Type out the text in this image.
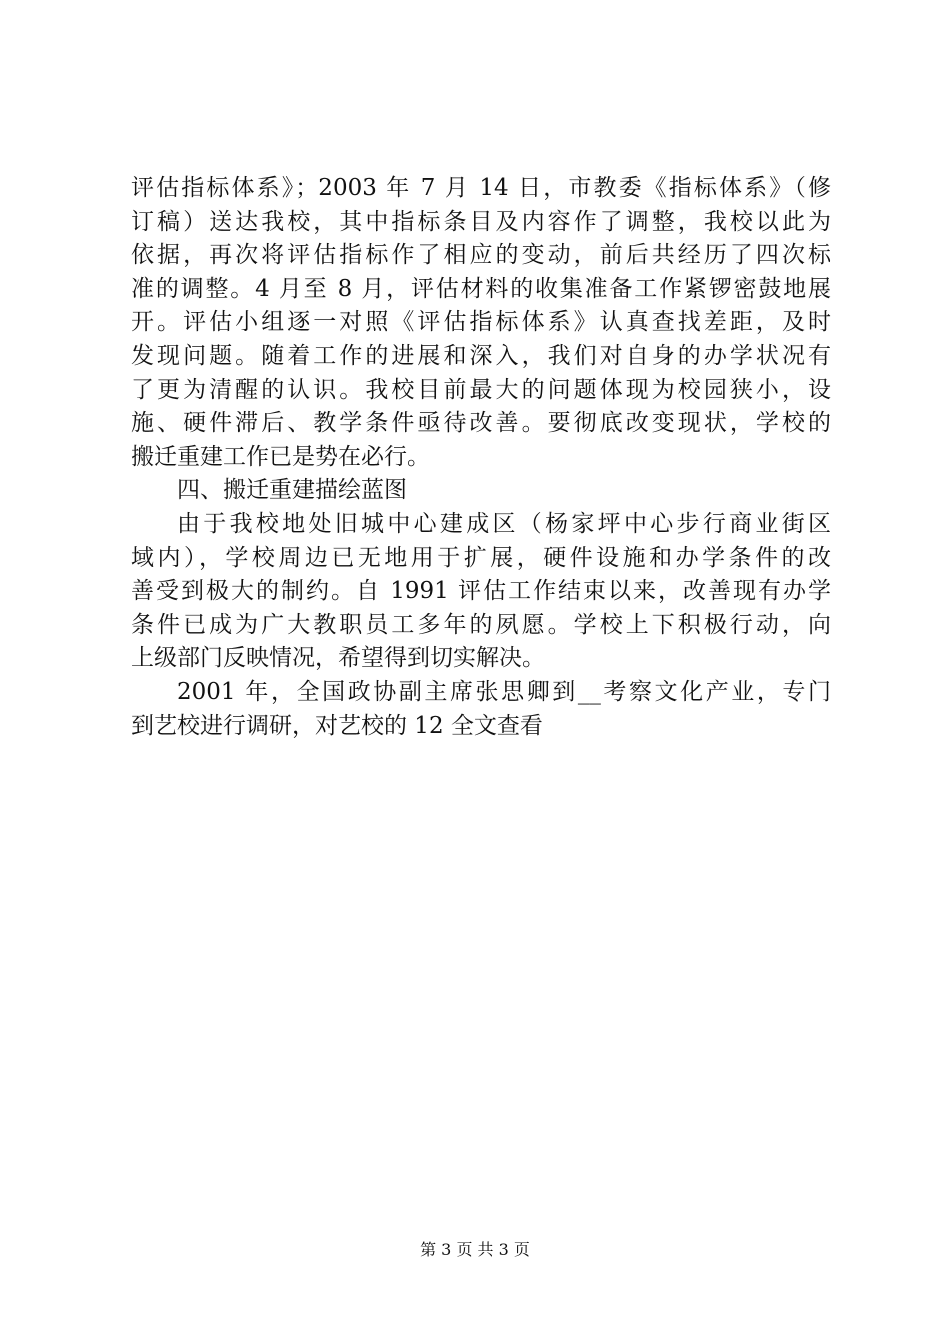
评估指标体系》；2003 年 7 月 14 日，市教委《指标体系》（修
订稿）送达我校，其中指标条目及内容作了调整，我校以此为
依据，再次将评估指标作了相应的变动，前后共经历了四次标
准的调整。4 月至 8 月，评估材料的收集准备工作紧锣密鼓地展
开。评估小组逐一对照《评估指标体系》认真查找差距，及时
发现问题。随着工作的进展和深入，我们对自身的办学状况有
了更为清醒的认识。我校目前最大的问题体现为校园狭小，设
施、硬件滞后、教学条件亟待改善。要彻底改变现状，学校的
搬迁重建工作已是势在必行。
四、搬迁重建描绘蓝图
由于我校地处旧城中心建成区（杨家坪中心步行商业街区
域内），学校周边已无地用于扩展，硬件设施和办学条件的改
善受到极大的制约。自 1991 评估工作结束以来，改善现有办学
条件已成为广大教职员工多年的夙愿。学校上下积极行动，向
上级部门反映情况，希望得到切实解决。
2001 年，全国政协副主席张思卿到__考察文化产业，专门
到艺校进行调研，对艺校的 12 全文查看
第 3 页 共 3 页
